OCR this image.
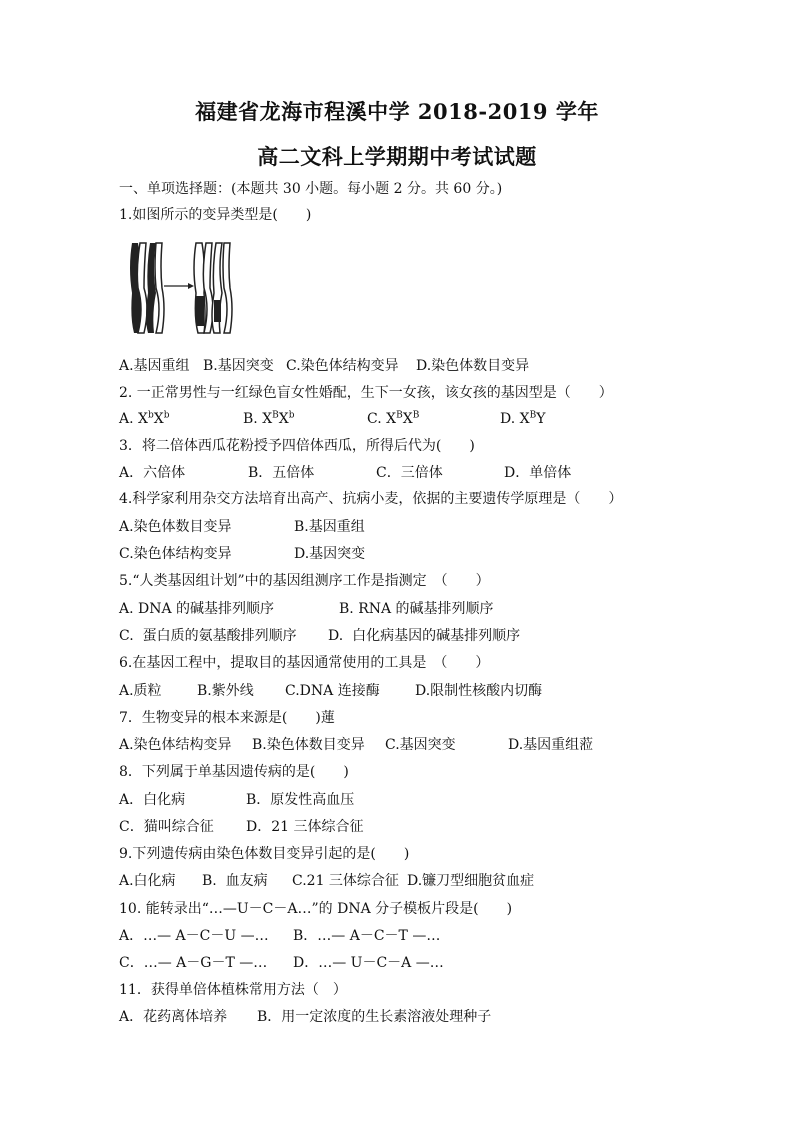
福建省龙海市程溪中学 2018-2019 学年
高二文科上学期期中考试试题
一、单项选择题：(本题共 30 小题。每小题 2 分。共 60 分。)
1.如图所示的变异类型是(　　)
A.基因重组 B.基因突变 C.染色体结构变异 D.染色体数目变异
2. 一正常男性与一红绿色盲女性婚配，生下一女孩，该女孩的基因型是（　　）
A. $X^bX^b$	B. $X^BX^b$	C. $X^BX^B$	D. $X^BY$
3．将二倍体西瓜花粉授予四倍体西瓜，所得后代为(　　)
A．六倍体	B．五倍体	C．三倍体	D．单倍体
4.科学家利用杂交方法培育出高产、抗病小麦，依据的主要遗传学原理是（　　）
A.染色体数目变异	B.基因重组
C.染色体结构变异	D.基因突变
5.“人类基因组计划”中的基因组测序工作是指测定　（　　）
A. DNA 的碱基排列顺序	B. RNA 的碱基排列顺序
C.  蛋白质的氨基酸排列顺序 D.  白化病基因的碱基排列顺序
6.在基因工程中，提取目的基因通常使用的工具是　（　　）
A.质粒	B.紫外线 C.DNA 连接酶	D.限制性核酸内切酶
7．生物变异的根本来源是(　　)蓮
A.染色体结构变异 B.染色体数目变异 C.基因突变	D.基因重组蒞
8．下列属于单基因遗传病的是(　　)
A．白化病	B．原发性高血压
C．猫叫综合征 D．21 三体综合征
9.下列遗传病由染色体数目变异引起的是(　　)
A.白化病 B.  血友病 C.21 三体综合征 D.镰刀型细胞贫血症
10. 能转录出“…—U－C－A…”的 DNA 分子模板片段是(　　)
A．…— A－C－U —… B．…— A－C－T —…
C．…— A－G－T —… D．…— U－C－A —…
11．获得单倍体植株常用方法（　）
A．花药离体培养 B．用一定浓度的生长素溶液处理种子
